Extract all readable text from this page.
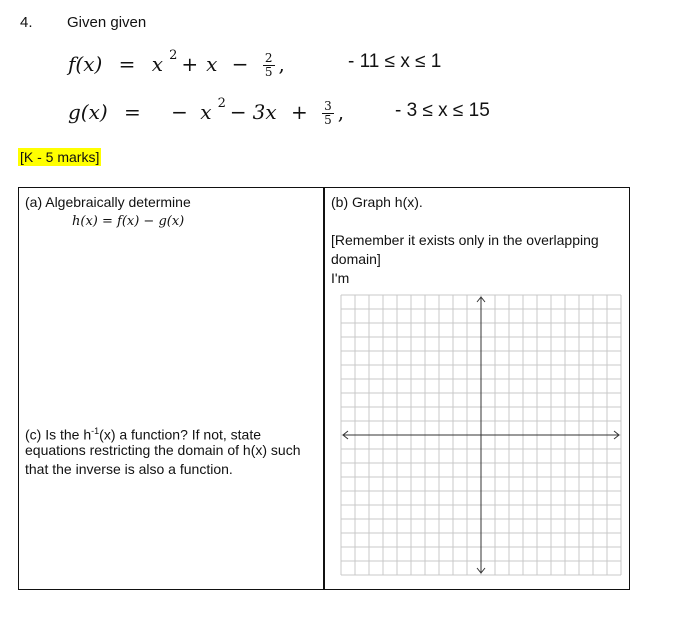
4. Given given
f(x) = x $^2 + x - \frac{2}{5}$ ,	- 11 ≤ x ≤ 1
g(x) = − x $^2 - 3x + \frac{3}{5}$ ,	- 3 ≤ x ≤ 15
[K - 5 marks]
(a) Algebraically determine
h(x) = f(x) − g(x)
(b) Graph h(x).
[Remember it exists only in the overlapping
domain]
I'm
(c) Is the $h^{-1}(x)$ a function? If not, state
equations restricting the domain of h(x) such
that the inverse is also a function.
